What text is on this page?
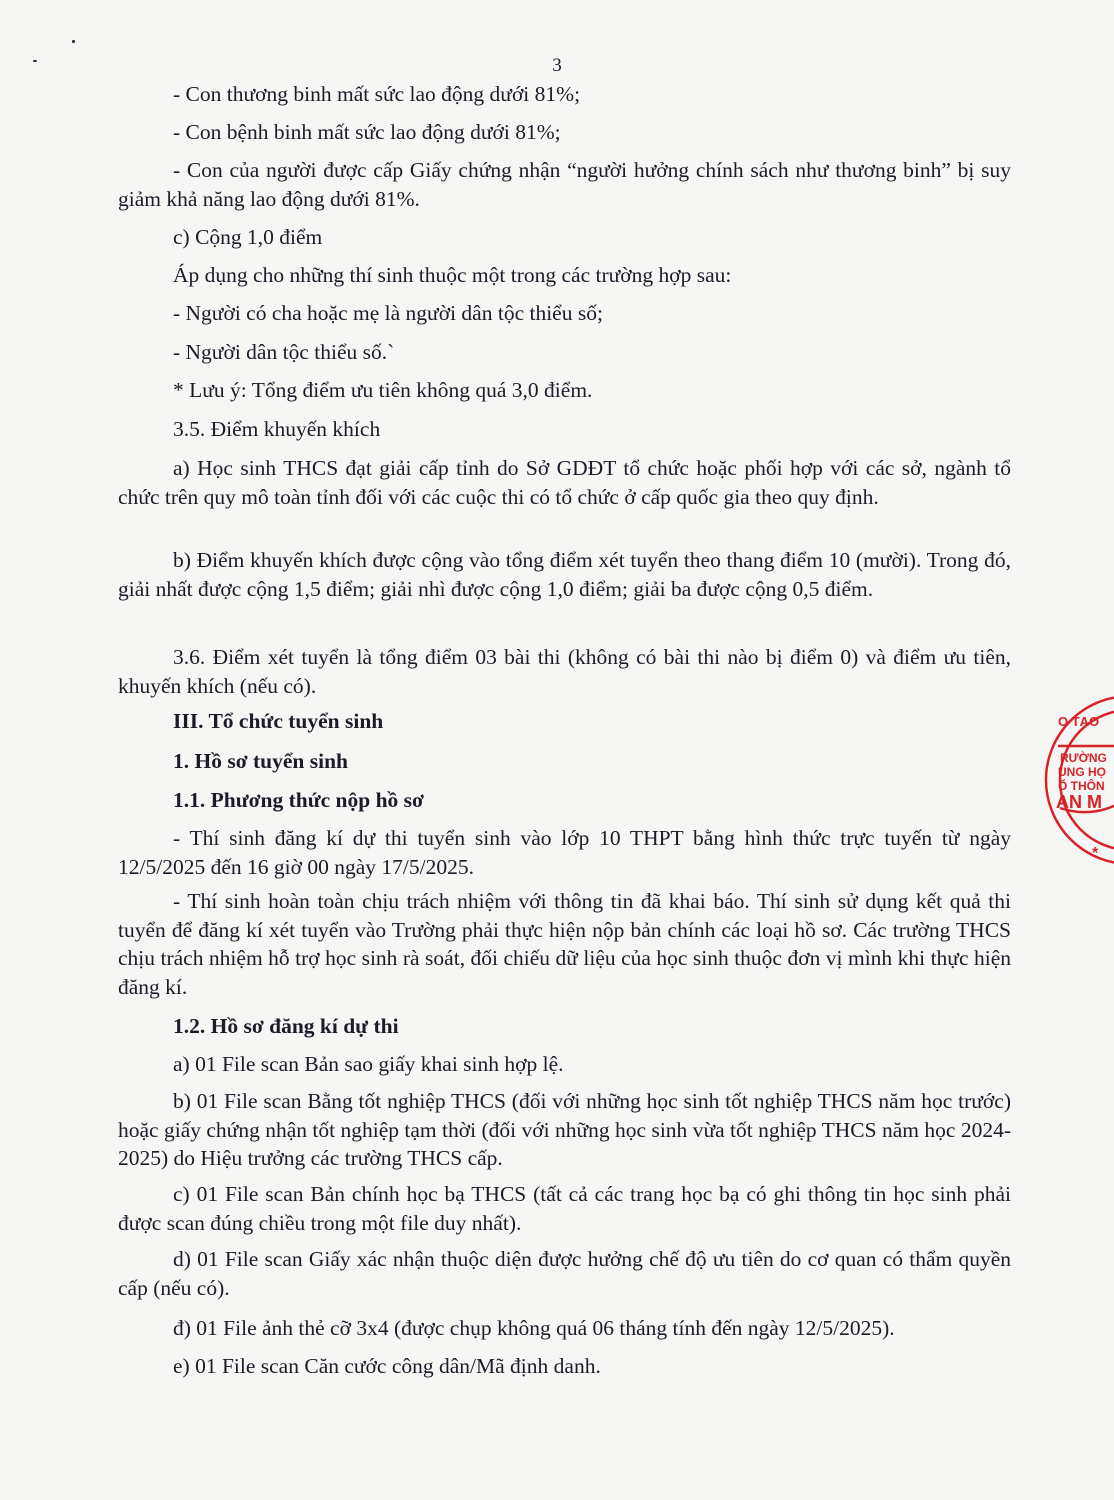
3

- Con thương binh mất sức lao động dưới 81%;

- Con bệnh binh mất sức lao động dưới 81%;

- Con của người được cấp Giấy chứng nhận “người hưởng chính sách như thương binh” bị suy giảm khả năng lao động dưới 81%.

c) Cộng 1,0 điểm

Áp dụng cho những thí sinh thuộc một trong các trường hợp sau:

- Người có cha hoặc mẹ là người dân tộc thiểu số;

- Người dân tộc thiểu số.`

* Lưu ý: Tổng điểm ưu tiên không quá 3,0 điểm.

3.5. Điểm khuyến khích

a) Học sinh THCS đạt giải cấp tỉnh do Sở GDĐT tổ chức hoặc phối hợp với các sở, ngành tổ chức trên quy mô toàn tỉnh đối với các cuộc thi có tổ chức ở cấp quốc gia theo quy định.

b) Điểm khuyến khích được cộng vào tổng điểm xét tuyển theo thang điểm 10 (mười). Trong đó, giải nhất được cộng 1,5 điểm; giải nhì được cộng 1,0 điểm; giải ba được cộng 0,5 điểm.

3.6. Điểm xét tuyển là tổng điểm 03 bài thi (không có bài thi nào bị điểm 0) và điểm ưu tiên, khuyến khích (nếu có).

III. Tổ chức tuyển sinh

1. Hồ sơ tuyển sinh

1.1. Phương thức nộp hồ sơ

- Thí sinh đăng kí dự thi tuyển sinh vào lớp 10 THPT bằng hình thức trực tuyến từ ngày 12/5/2025 đến 16 giờ 00 ngày 17/5/2025.

- Thí sinh hoàn toàn chịu trách nhiệm với thông tin đã khai báo. Thí sinh sử dụng kết quả thi tuyển để đăng kí xét tuyển vào Trường phải thực hiện nộp bản chính các loại hồ sơ. Các trường THCS chịu trách nhiệm hỗ trợ học sinh rà soát, đối chiếu dữ liệu của học sinh thuộc đơn vị mình khi thực hiện đăng kí.

1.2. Hồ sơ đăng kí dự thi

a) 01 File scan Bản sao giấy khai sinh hợp lệ.

b) 01 File scan Bằng tốt nghiệp THCS (đối với những học sinh tốt nghiệp THCS năm học trước) hoặc giấy chứng nhận tốt nghiệp tạm thời (đối với những học sinh vừa tốt nghiệp THCS năm học 2024-2025) do Hiệu trưởng các trường THCS cấp.

c) 01 File scan Bản chính học bạ THCS (tất cả các trang học bạ có ghi thông tin học sinh phải được scan đúng chiều trong một file duy nhất).

d) 01 File scan Giấy xác nhận thuộc diện được hưởng chế độ ưu tiên do cơ quan có thẩm quyền cấp (nếu có).

đ) 01 File ảnh thẻ cỡ 3x4 (được chụp không quá 06 tháng tính đến ngày 12/5/2025).

e) 01 File scan Căn cước công dân/Mã định danh.

O TẠO
RƯỜNG
UNG HỌ
Ổ THÔN
AN M
*
